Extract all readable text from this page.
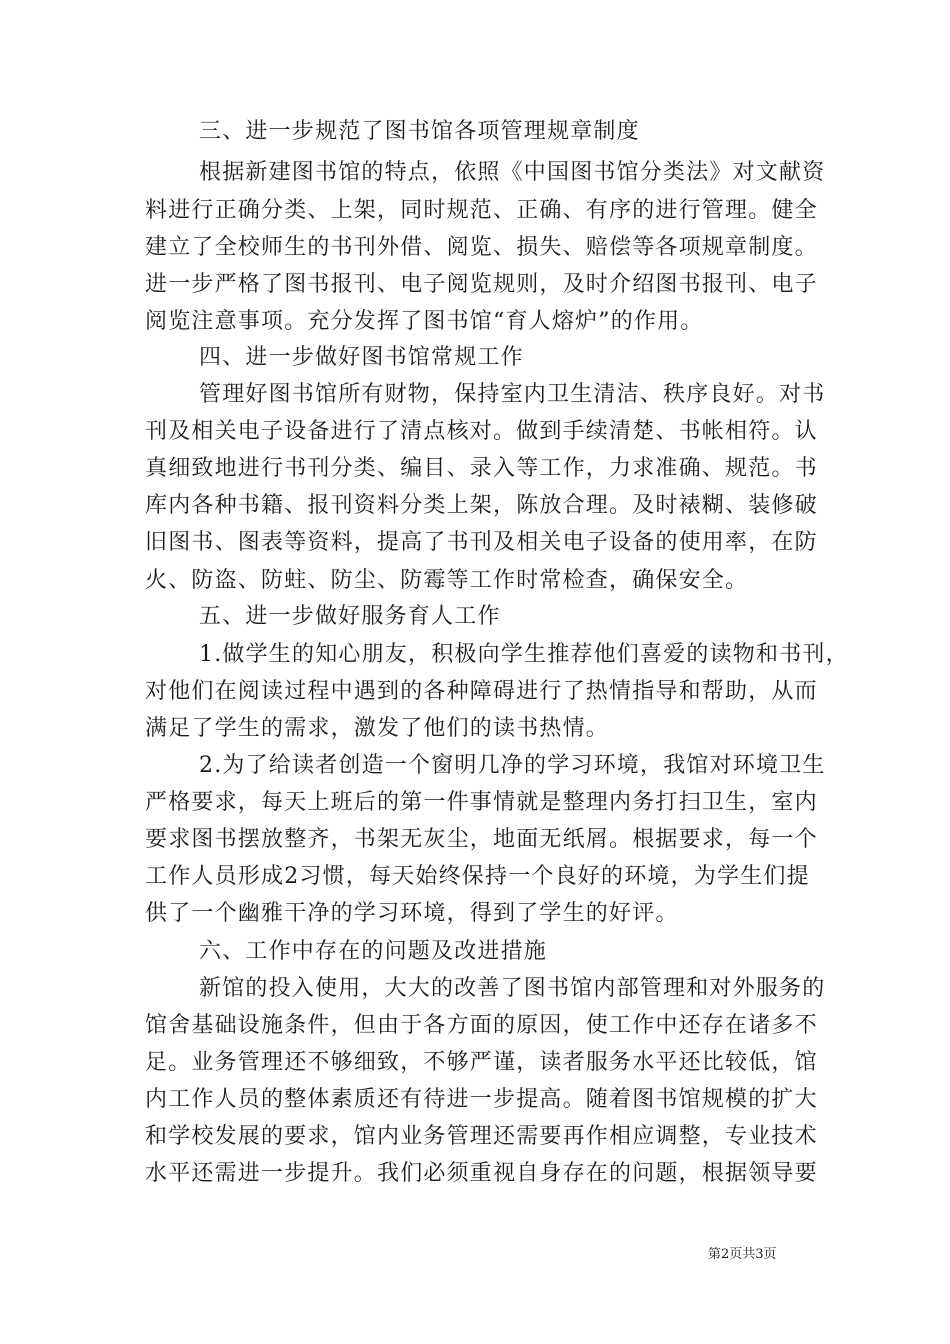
三、进一步规范了图书馆各项管理规章制度
根据新建图书馆的特点，依照《中国图书馆分类法》对文献资
料进行正确分类、上架，同时规范、正确、有序的进行管理。健全
建立了全校师生的书刊外借、阅览、损失、赔偿等各项规章制度。
进一步严格了图书报刊、电子阅览规则，及时介绍图书报刊、电子
阅览注意事项。充分发挥了图书馆“育人熔炉”的作用。
四、进一步做好图书馆常规工作
管理好图书馆所有财物，保持室内卫生清洁、秩序良好。对书
刊及相关电子设备进行了清点核对。做到手续清楚、书帐相符。认
真细致地进行书刊分类、编目、录入等工作，力求准确、规范。书
库内各种书籍、报刊资料分类上架，陈放合理。及时裱糊、装修破
旧图书、图表等资料，提高了书刊及相关电子设备的使用率，在防
火、防盗、防蛀、防尘、防霉等工作时常检查，确保安全。
五、进一步做好服务育人工作
1.做学生的知心朋友，积极向学生推荐他们喜爱的读物和书刊，
对他们在阅读过程中遇到的各种障碍进行了热情指导和帮助，从而
满足了学生的需求，激发了他们的读书热情。
2.为了给读者创造一个窗明几净的学习环境，我馆对环境卫生
严格要求，每天上班后的第一件事情就是整理内务打扫卫生，室内
要求图书摆放整齐，书架无灰尘，地面无纸屑。根据要求，每一个
工作人员形成2习惯，每天始终保持一个良好的环境，为学生们提
供了一个幽雅干净的学习环境，得到了学生的好评。
六、工作中存在的问题及改进措施
新馆的投入使用，大大的改善了图书馆内部管理和对外服务的
馆舍基础设施条件，但由于各方面的原因，使工作中还存在诸多不
足。业务管理还不够细致，不够严谨，读者服务水平还比较低，馆
内工作人员的整体素质还有待进一步提高。随着图书馆规模的扩大
和学校发展的要求，馆内业务管理还需要再作相应调整，专业技术
水平还需进一步提升。我们必须重视自身存在的问题，根据领导要
第2页共3页
